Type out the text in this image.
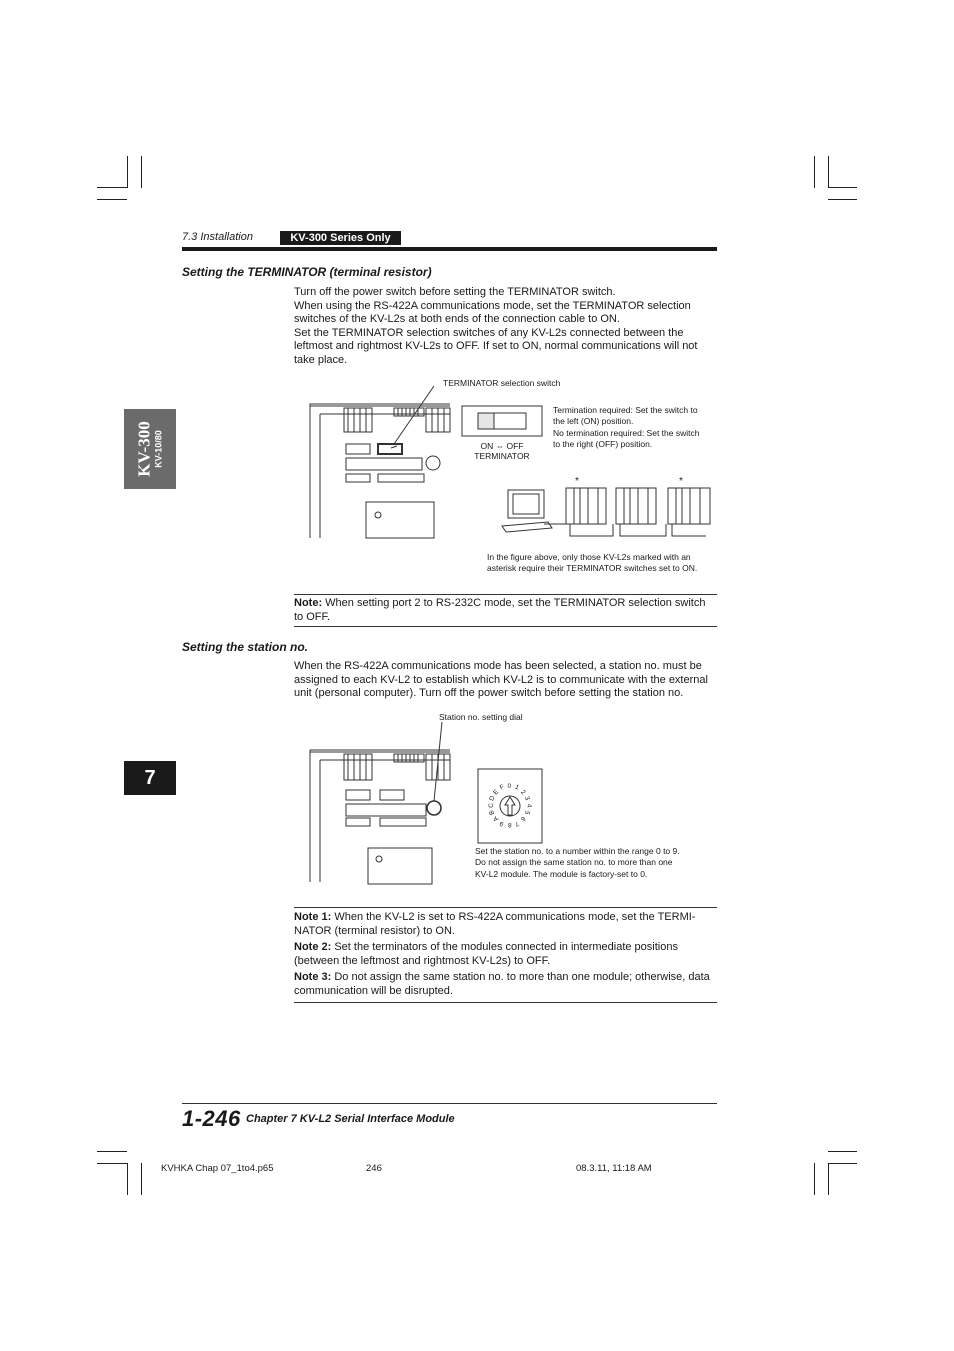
7.3 Installation	KV-300 Series Only
KV-300 KV-10/80
7
Setting the TERMINATOR (terminal resistor)

Turn off the power switch before setting the TERMINATOR switch.

When using the RS-422A communications mode, set the TERMINATOR selection switches of the KV-L2s at both ends of the connection cable to ON.

Set the TERMINATOR selection switches of any KV-L2s connected between the leftmost and rightmost KV-L2s to OFF. If set to ON, normal communications will not take place.

TERMINATOR selection switch
ON ⇔ OFF
TERMINATOR
Termination required: Set the switch to
the left (ON) position.
No termination required: Set the switch
to the right (OFF) position.
*	*
In the figure above, only those KV-L2s marked with an
asterisk require their TERMINATOR switches set to ON.

Note: When setting port 2 to RS-232C mode, set the TERMINATOR selection switch to OFF.

Setting the station no.

When the RS-422A communications mode has been selected, a station no. must be assigned to each KV-L2 to establish which KV-L2 is to communicate with the external unit (personal computer). Turn off the power switch before setting the station no.

Station no. setting dial
0 1
2
3
4
5
6
7
8
9
A
B
C
D
E
F
Set the station no. to a number within the range 0 to 9.
Do not assign the same station no. to more than one
KV-L2 module. The module is factory-set to 0.

Note 1: When the KV-L2 is set to RS-422A communications mode, set the TERMI-NATOR (terminal resistor) to ON.

Note 2: Set the terminators of the modules connected in intermediate positions (between the leftmost and rightmost KV-L2s) to OFF.

Note 3: Do not assign the same station no. to more than one module; otherwise, data communication will be disrupted.

1-246 Chapter 7 KV-L2 Serial Interface Module
KVHKA Chap 07_1to4.p65	246	08.3.11, 11:18 AM
